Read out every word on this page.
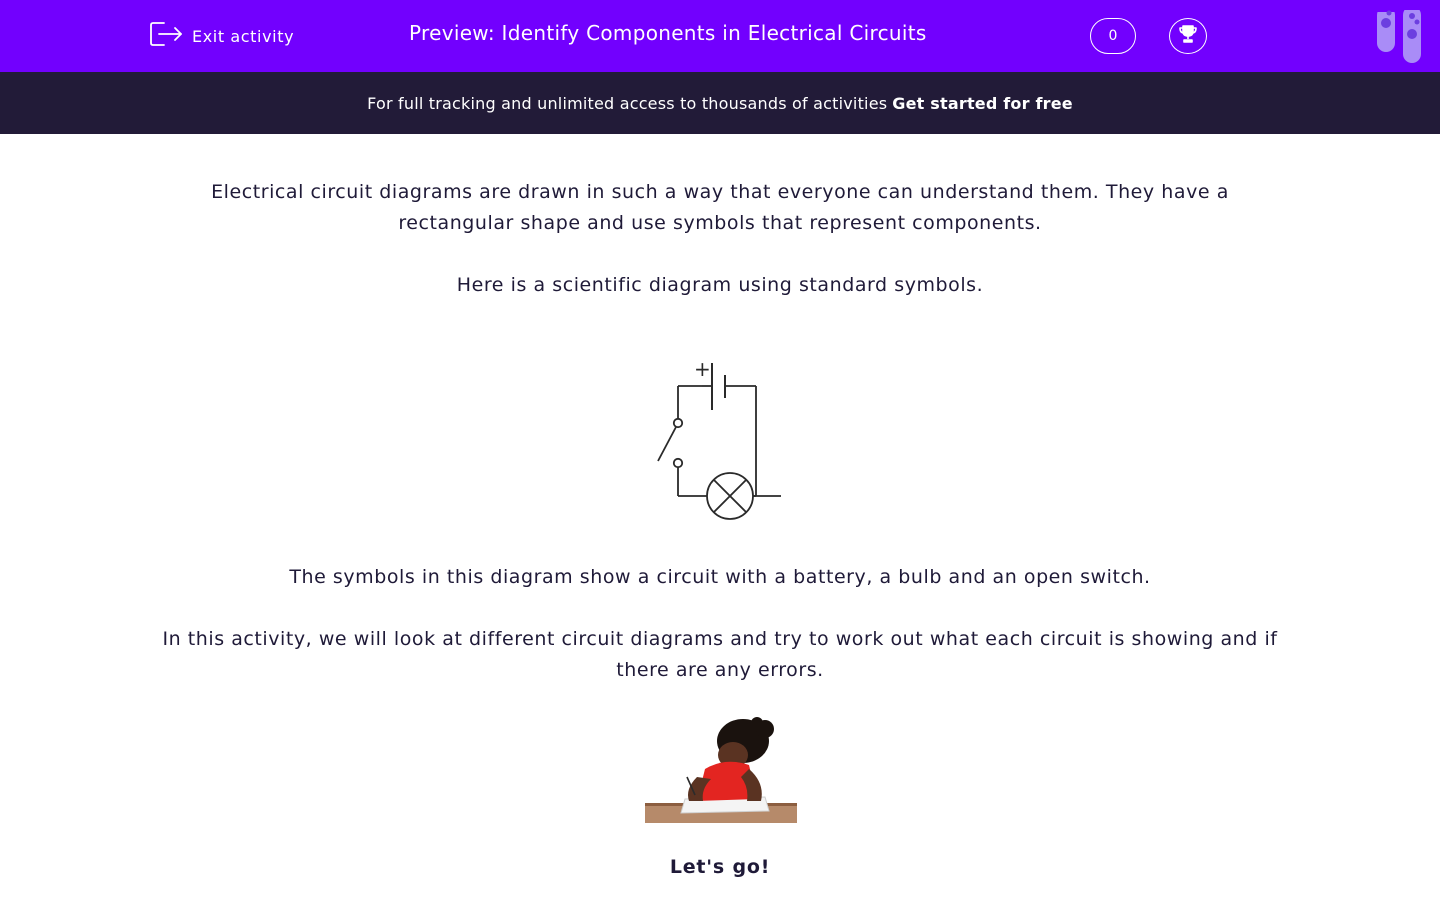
Exit activity	Preview: Identify Components in Electrical Circuits	0
For full tracking and unlimited access to thousands of activities Get started for free

Electrical circuit diagrams are drawn in such a way that everyone can understand them. They have a rectangular shape and use symbols that represent components.

Here is a scientific diagram using standard symbols.

+

The symbols in this diagram show a circuit with a battery, a bulb and an open switch.

In this activity, we will look at different circuit diagrams and try to work out what each circuit is showing and if there are any errors.

Let's go!
